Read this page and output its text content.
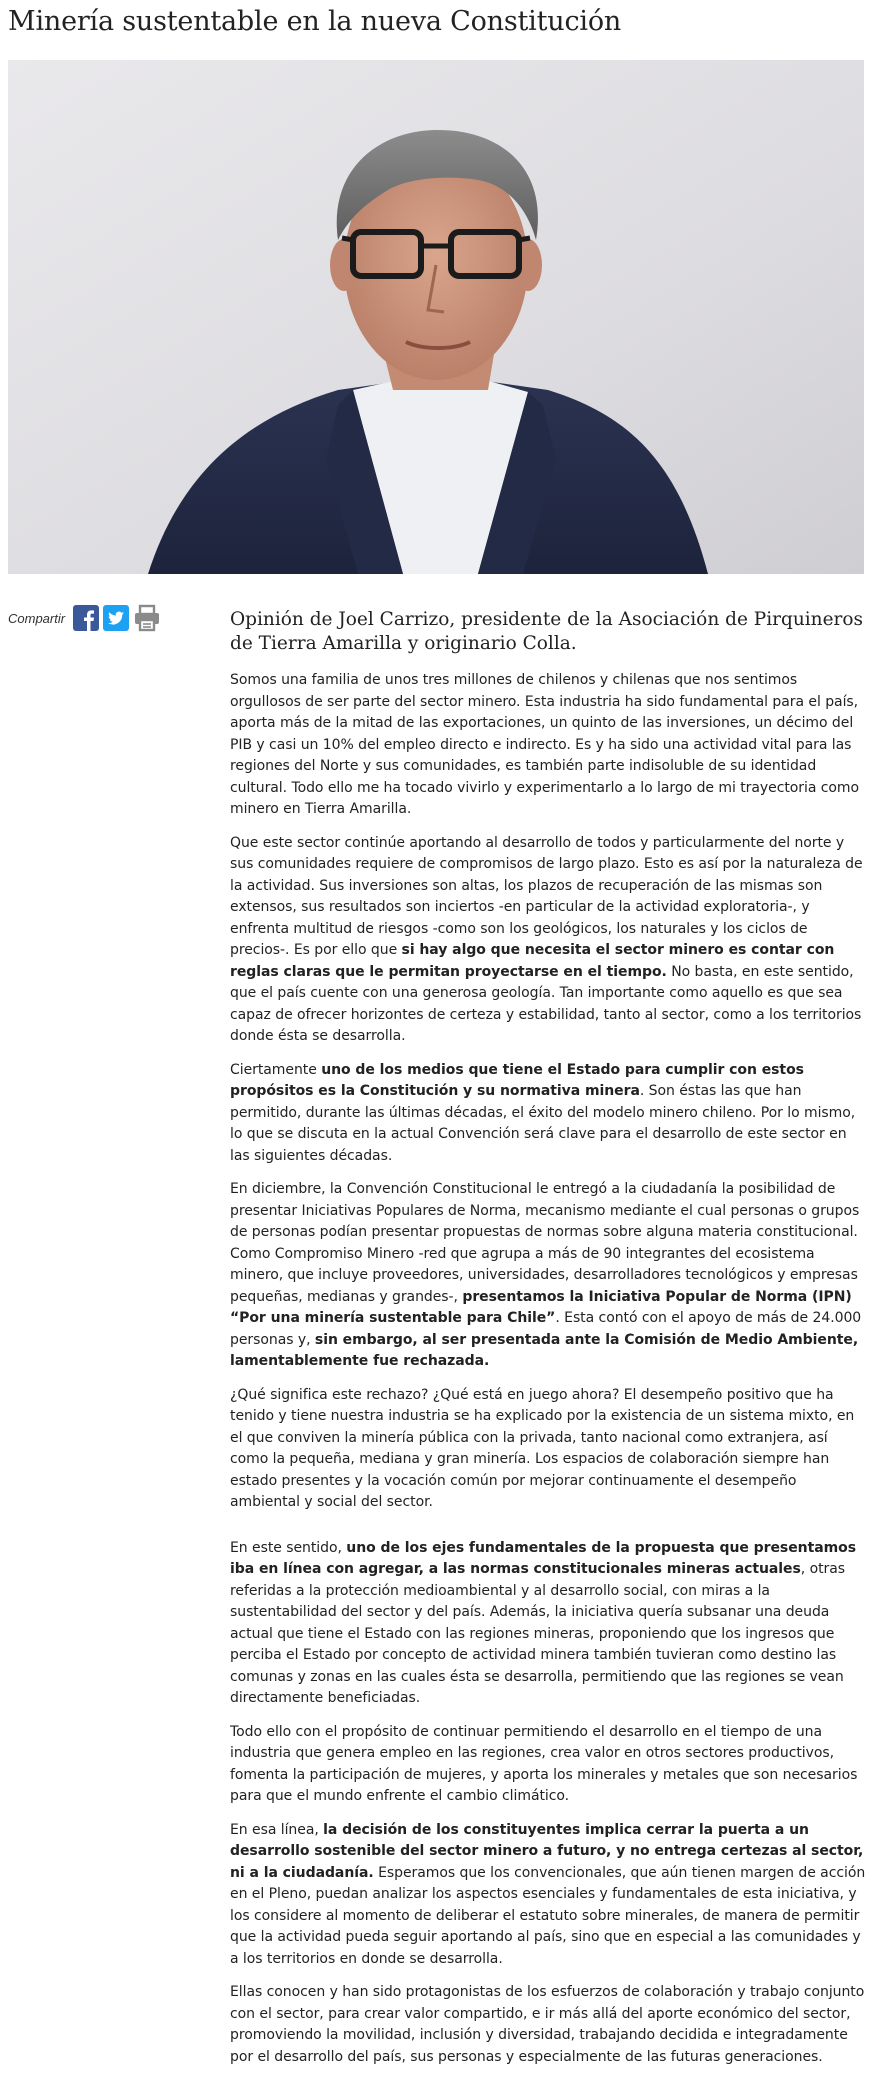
Minería sustentable en la nueva Constitución
Compartir	Opinión de Joel Carrizo, presidente de la Asociación de Pirquineros de Tierra Amarilla y originario Colla.

Somos una familia de unos tres millones de chilenos y chilenas que nos sentimos orgullosos de ser parte del sector minero. Esta industria ha sido fundamental para el país, aporta más de la mitad de las exportaciones, un quinto de las inversiones, un décimo del PIB y casi un 10% del empleo directo e indirecto. Es y ha sido una actividad vital para las regiones del Norte y sus comunidades, es también parte indisoluble de su identidad cultural. Todo ello me ha tocado vivirlo y experimentarlo a lo largo de mi trayectoria como minero en Tierra Amarilla.

Que este sector continúe aportando al desarrollo de todos y particularmente del norte y sus comunidades requiere de compromisos de largo plazo. Esto es así por la naturaleza de la actividad. Sus inversiones son altas, los plazos de recuperación de las mismas son extensos, sus resultados son inciertos -en particular de la actividad exploratoria-, y enfrenta multitud de riesgos -como son los geológicos, los naturales y los ciclos de precios-. Es por ello que si hay algo que necesita el sector minero es contar con reglas claras que le permitan proyectarse en el tiempo. No basta, en este sentido, que el país cuente con una generosa geología. Tan importante como aquello es que sea capaz de ofrecer horizontes de certeza y estabilidad, tanto al sector, como a los territorios donde ésta se desarrolla.

Ciertamente uno de los medios que tiene el Estado para cumplir con estos propósitos es la Constitución y su normativa minera. Son éstas las que han permitido, durante las últimas décadas, el éxito del modelo minero chileno. Por lo mismo, lo que se discuta en la actual Convención será clave para el desarrollo de este sector en las siguientes décadas.

En diciembre, la Convención Constitucional le entregó a la ciudadanía la posibilidad de presentar Iniciativas Populares de Norma, mecanismo mediante el cual personas o grupos de personas podían presentar propuestas de normas sobre alguna materia constitucional. Como Compromiso Minero -red que agrupa a más de 90 integrantes del ecosistema minero, que incluye proveedores, universidades, desarrolladores tecnológicos y empresas pequeñas, medianas y grandes-, presentamos la Iniciativa Popular de Norma (IPN) “Por una minería sustentable para Chile”. Esta contó con el apoyo de más de 24.000 personas y, sin embargo, al ser presentada ante la Comisión de Medio Ambiente, lamentablemente fue rechazada.

¿Qué significa este rechazo? ¿Qué está en juego ahora? El desempeño positivo que ha tenido y tiene nuestra industria se ha explicado por la existencia de un sistema mixto, en el que conviven la minería pública con la privada, tanto nacional como extranjera, así como la pequeña, mediana y gran minería. Los espacios de colaboración siempre han estado presentes y la vocación común por mejorar continuamente el desempeño ambiental y social del sector.

En este sentido, uno de los ejes fundamentales de la propuesta que presentamos iba en línea con agregar, a las normas constitucionales mineras actuales, otras referidas a la protección medioambiental y al desarrollo social, con miras a la sustentabilidad del sector y del país. Además, la iniciativa quería subsanar una deuda actual que tiene el Estado con las regiones mineras, proponiendo que los ingresos que perciba el Estado por concepto de actividad minera también tuvieran como destino las comunas y zonas en las cuales ésta se desarrolla, permitiendo que las regiones se vean directamente beneficiadas.

Todo ello con el propósito de continuar permitiendo el desarrollo en el tiempo de una industria que genera empleo en las regiones, crea valor en otros sectores productivos, fomenta la participación de mujeres, y aporta los minerales y metales que son necesarios para que el mundo enfrente el cambio climático.

En esa línea, la decisión de los constituyentes implica cerrar la puerta a un desarrollo sostenible del sector minero a futuro, y no entrega certezas al sector, ni a la ciudadanía. Esperamos que los convencionales, que aún tienen margen de acción en el Pleno, puedan analizar los aspectos esenciales y fundamentales de esta iniciativa, y los considere al momento de deliberar el estatuto sobre minerales, de manera de permitir que la actividad pueda seguir aportando al país, sino que en especial a las comunidades y a los territorios en donde se desarrolla.

Ellas conocen y han sido protagonistas de los esfuerzos de colaboración y trabajo conjunto con el sector, para crear valor compartido, e ir más allá del aporte económico del sector, promoviendo la movilidad, inclusión y diversidad, trabajando decidida e integradamente por el desarrollo del país, sus personas y especialmente de las futuras generaciones.
